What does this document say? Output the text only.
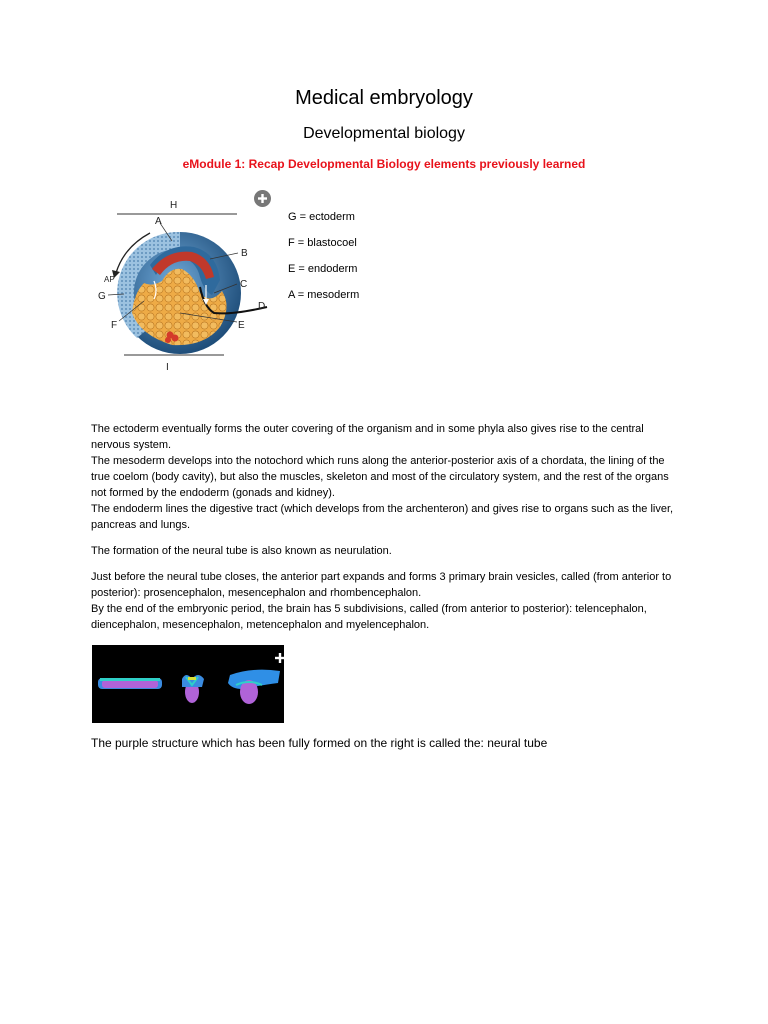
Medical embryology
Developmental biology
eModule 1: Recap Developmental Biology elements previously learned
H
A
B
AP	C
G
D
F	E
I
G = ectoderm
F = blastocoel
E = endoderm
A = mesoderm

The ectoderm eventually forms the outer covering of the organism and in some phyla also gives rise to the central nervous system.

The mesoderm develops into the notochord which runs along the anterior-posterior axis of a chordata, the lining of the true coelom (body cavity), but also the muscles, skeleton and most of the circulatory system, and the rest of the organs not formed by the endoderm (gonads and kidney).

The endoderm lines the digestive tract (which develops from the archenteron) and gives rise to organs such as the liver, pancreas and lungs.

The formation of the neural tube is also known as neurulation.

Just before the neural tube closes, the anterior part expands and forms 3 primary brain vesicles, called (from anterior to posterior): prosencephalon, mesencephalon and rhombencephalon.

By the end of the embryonic period, the brain has 5 subdivisions, called (from anterior to posterior): telencephalon, diencephalon, mesencephalon, metencephalon and myelencephalon.

The purple structure which has been fully formed on the right is called the: neural tube
